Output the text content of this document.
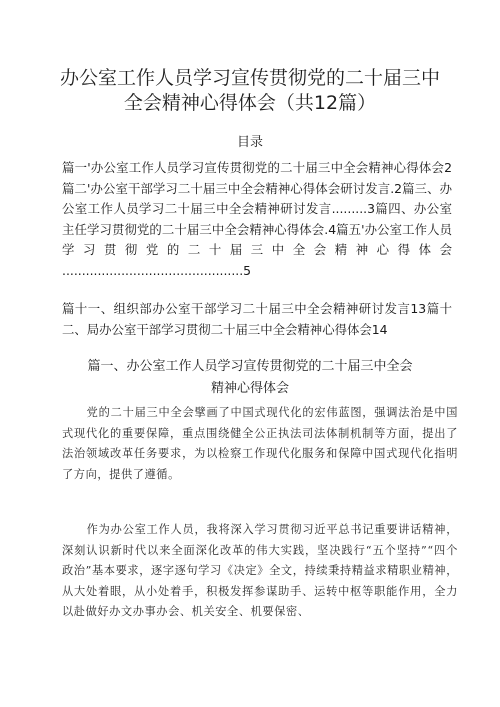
办公室工作人员学习宣传贯彻党的二十届三中
全会精神心得体会（共12篇）
目录
篇一'办公室工作人员学习宣传贯彻党的二十届三中全会精神心得体会2篇二'办公室干部学习二十届三中全会精神心得体会研讨发言.2篇三、办公室工作人员学习二十届三中全会精神研讨发言.........3篇四、办公室主任学习贯彻党的二十届三中全会精神心得体会.4篇五'办公室工作人员学习贯彻党的二十届三中全会精神心得体会 ..............................................5
篇十一、组织部办公室干部学习二十届三中全会精神研讨发言13篇十二、局办公室干部学习贯彻二十届三中全会精神心得体会14
篇一、办公室工作人员学习宣传贯彻党的二十届三中全会
精神心得体会

党的二十届三中全会擘画了中国式现代化的宏伟蓝图，强调法治是中国式现代化的重要保障，重点围绕健全公正执法司法体制机制等方面，提出了法治领域改革任务要求，为以检察工作现代化服务和保障中国式现代化指明了方向，提供了遵循。

作为办公室工作人员，我将深入学习贯彻习近平总书记重要讲话精神，深刻认识新时代以来全面深化改革的伟大实践，坚决践行“五个坚持”“四个政治”基本要求，逐字逐句学习《决定》全文，持续秉持精益求精职业精神，从大处着眼，从小处着手，积极发挥参谋助手、运转中枢等职能作用，全力以赴做好办文办事办会、机关安全、机要保密、
